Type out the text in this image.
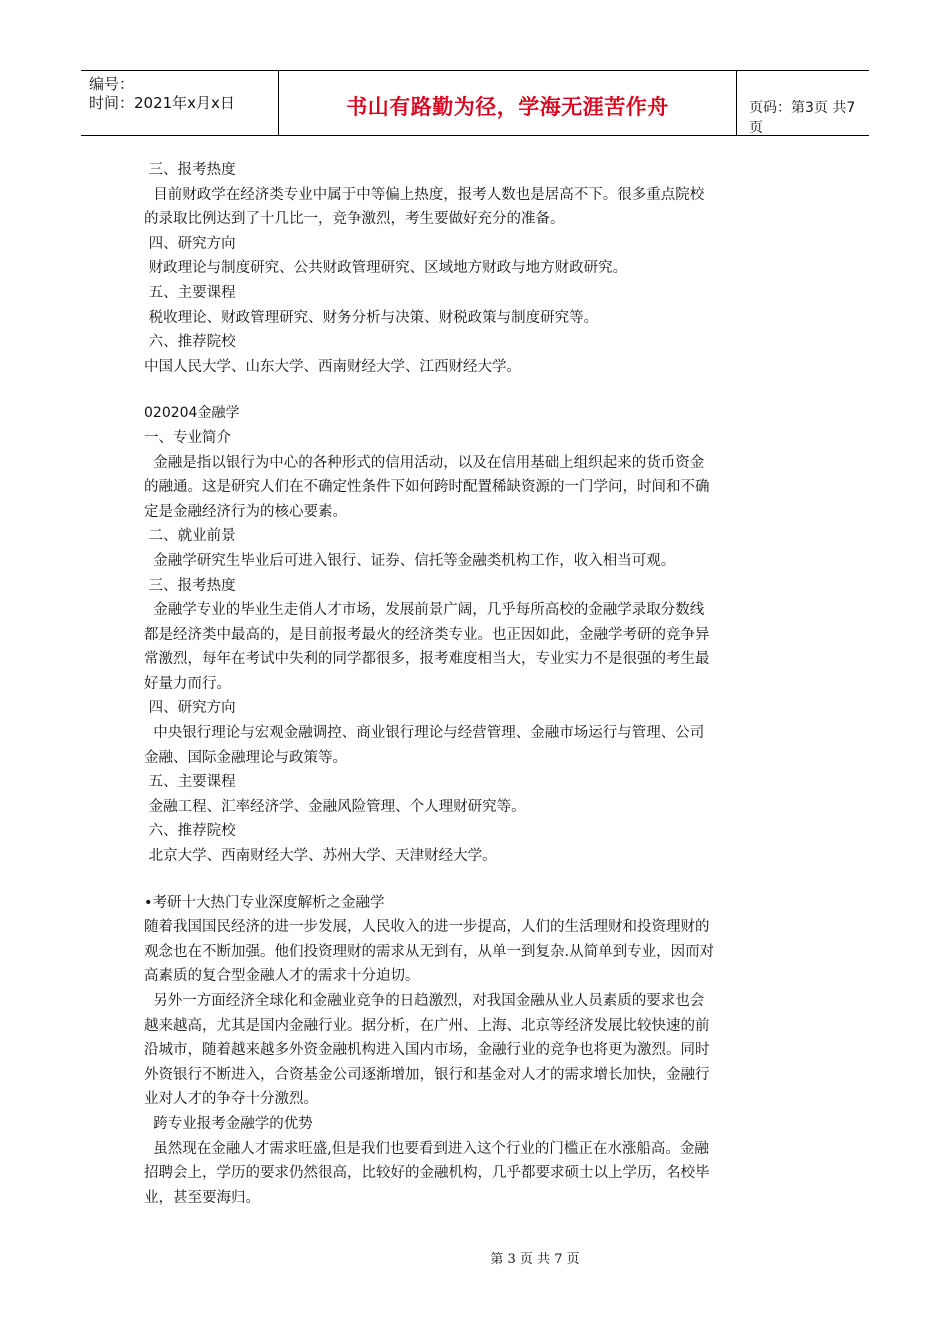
编号：
时间：2021年x月x日	书山有路勤为径，学海无涯苦作舟	页码：第3页 共7页
三、报考热度
目前财政学在经济类专业中属于中等偏上热度，报考人数也是居高不下。很多重点院校
的录取比例达到了十几比一，竞争激烈，考生要做好充分的准备。
四、研究方向
财政理论与制度研究、公共财政管理研究、区域地方财政与地方财政研究。
五、主要课程
税收理论、财政管理研究、财务分析与决策、财税政策与制度研究等。
六、推荐院校
中国人民大学、山东大学、西南财经大学、江西财经大学。
020204金融学
一、专业简介
金融是指以银行为中心的各种形式的信用活动，以及在信用基础上组织起来的货币资金
的融通。这是研究人们在不确定性条件下如何跨时配置稀缺资源的一门学问，时间和不确
定是金融经济行为的核心要素。
二、就业前景
金融学研究生毕业后可进入银行、证券、信托等金融类机构工作，收入相当可观。
三、报考热度
金融学专业的毕业生走俏人才市场，发展前景广阔，几乎每所高校的金融学录取分数线
都是经济类中最高的，是目前报考最火的经济类专业。也正因如此，金融学考研的竞争异
常激烈，每年在考试中失利的同学都很多，报考难度相当大，专业实力不是很强的考生最
好量力而行。
四、研究方向
中央银行理论与宏观金融调控、商业银行理论与经营管理、金融市场运行与管理、公司
金融、国际金融理论与政策等。
五、主要课程
金融工程、汇率经济学、金融风险管理、个人理财研究等。
六、推荐院校
北京大学、西南财经大学、苏州大学、天津财经大学。
•考研十大热门专业深度解析之金融学
随着我国国民经济的进一步发展，人民收入的进一步提高，人们的生活理财和投资理财的
观念也在不断加强。他们投资理财的需求从无到有，从单一到复杂.从简单到专业，因而对
高素质的复合型金融人才的需求十分迫切。
另外一方面经济全球化和金融业竞争的日趋激烈，对我国金融从业人员素质的要求也会
越来越高，尤其是国内金融行业。据分析，在广州、上海、北京等经济发展比较快速的前
沿城市，随着越来越多外资金融机构进入国内市场，金融行业的竞争也将更为激烈。同时
外资银行不断进入，合资基金公司逐渐增加，银行和基金对人才的需求增长加快，金融行
业对人才的争夺十分激烈。
跨专业报考金融学的优势
虽然现在金融人才需求旺盛,但是我们也要看到进入这个行业的门槛正在水涨船高。金融
招聘会上，学历的要求仍然很高，比较好的金融机构，几乎都要求硕士以上学历，名校毕
业，甚至要海归。
第 3 页 共 7 页
